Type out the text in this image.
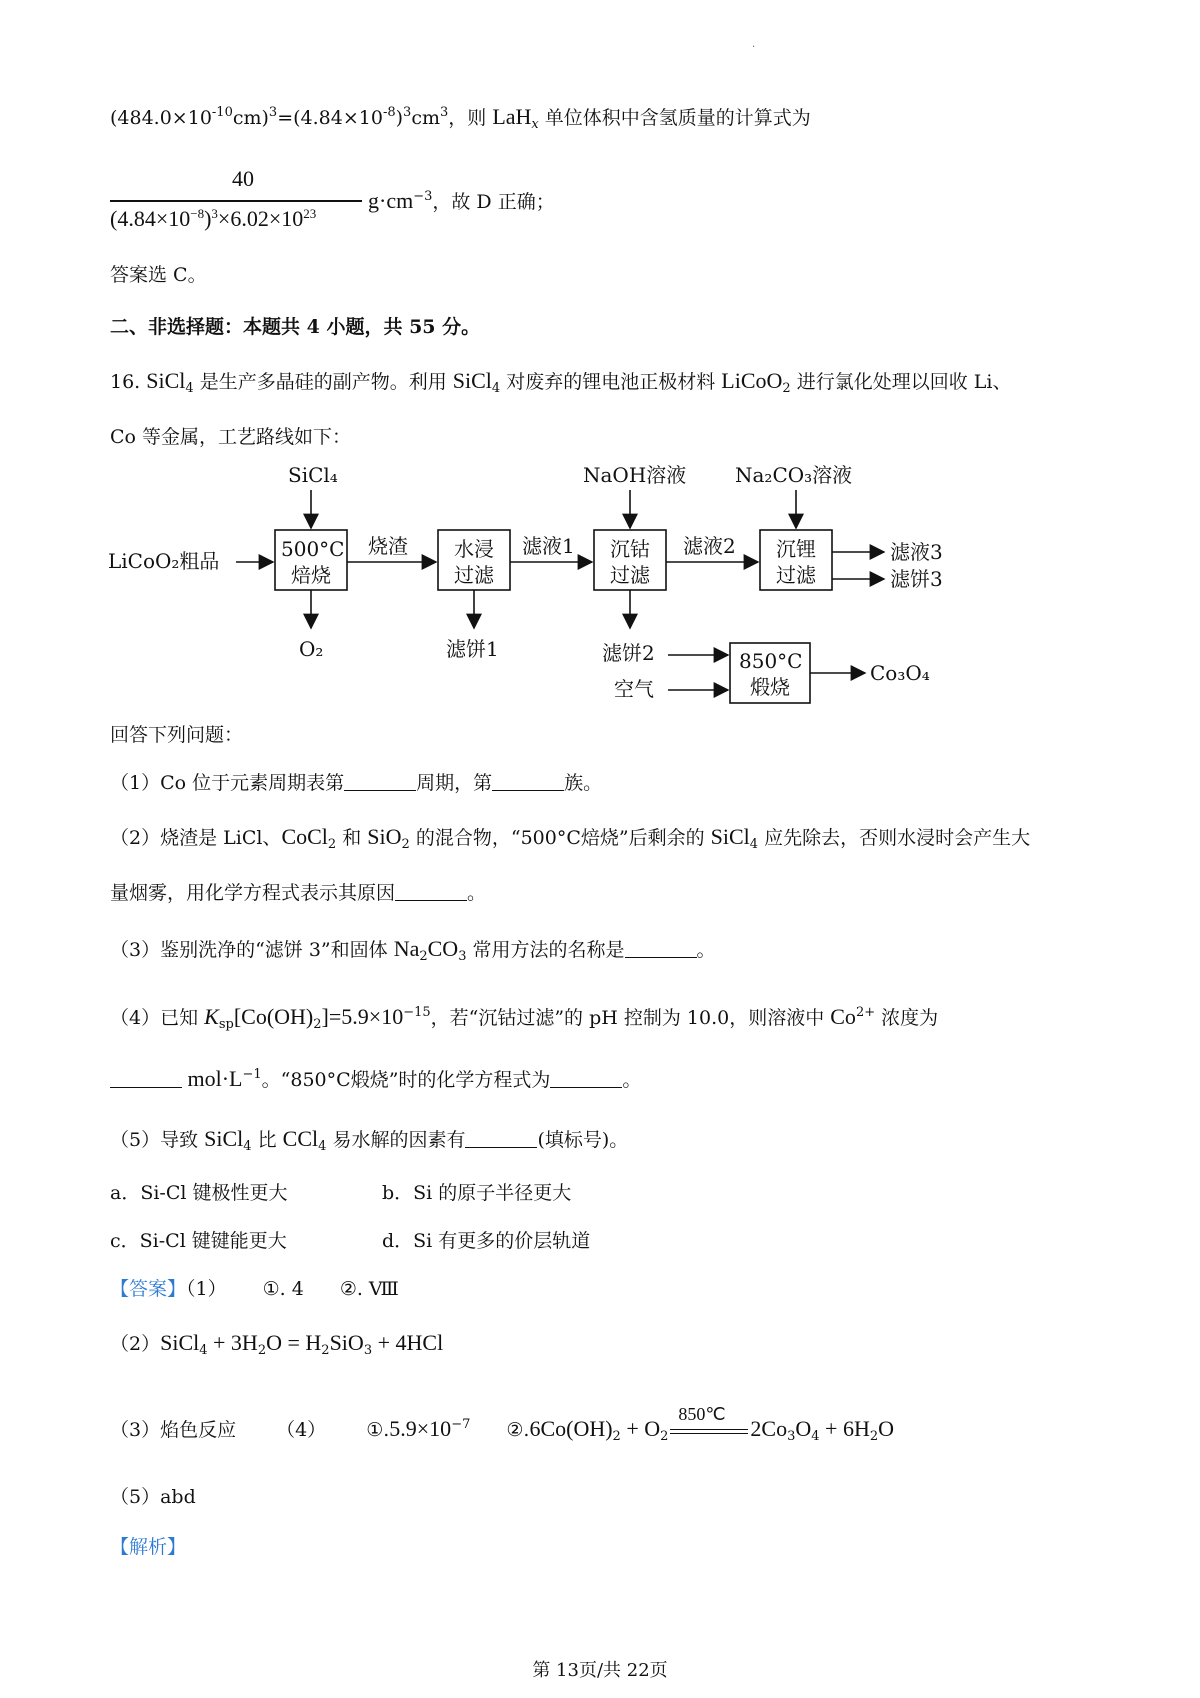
·
$(484.0\times 10^{-10}cm)^3=(4.84\times 10^{-8})^3cm^3$，则 LaH$_x$ 单位体积中含氢质量的计算式为
40
$(4.84\times 10^{-8})^3\times 6.02\times 10^{23}$
$g\cdot cm^{-3}$，故 D 正确；
答案选 C。
二、非选择题：本题共 4 小题，共 55 分。
16. SiCl$_4$ 是生产多晶硅的副产物。利用 SiCl$_4$ 对废弃的锂电池正极材料 LiCoO$_2$ 进行氯化处理以回收 Li、
Co 等金属，工艺路线如下：
SiCl₄	NaOH溶液 Na₂CO₃溶液
LiCoO₂粗品	500°C
焙烧
烧渣 水浸
过滤
滤液1 沉钴
过滤
滤液2 沉锂
过滤
滤液3
滤饼3
O₂	滤饼1	滤饼2
空气
850°C
煅烧
Co₃O₄
回答下列问题：
（1）Co 位于元素周期表第	周期，第	族。
（2）烧渣是 LiCl、CoCl$_2$ 和 SiO$_2$ 的混合物，“500°C焙烧”后剩余的 SiCl$_4$ 应先除去，否则水浸时会产生大
量烟雾，用化学方程式表示其原因	。
（3）鉴别洗净的“滤饼 3”和固体 $Na_2CO_3$ 常用方法的名称是	。
（4）已知 $K_{sp}[Co(OH)_2]=5.9\times 10^{-15}$，若“沉钴过滤”的 pH 控制为 10.0，则溶液中 $Co^{2+}$ 浓度为
$mol\cdot L^{-1}$。“850°C煅烧”时的化学方程式为	。
（5）导致 SiCl$_4$ 比 CCl$_4$ 易水解的因素有	(填标号)。
a．Si-Cl 键极性更大	b．Si 的原子半径更大
c．Si-Cl 键键能更大	d．Si 有更多的价层轨道
【答案】（1） ①. 4 ②. Ⅷ
（2）SiCl$_4$ + $3H_2O = H_2SiO_3 + 4HCl$
（3）焰色反应 （4） $①.5.9\times 10^{-7}$ $②.6Co(OH)_2 + O_2$
850℃
$2Co_3O_4 + 6H_2O$
（5）abd
【解析】
第 13页/共 22页
